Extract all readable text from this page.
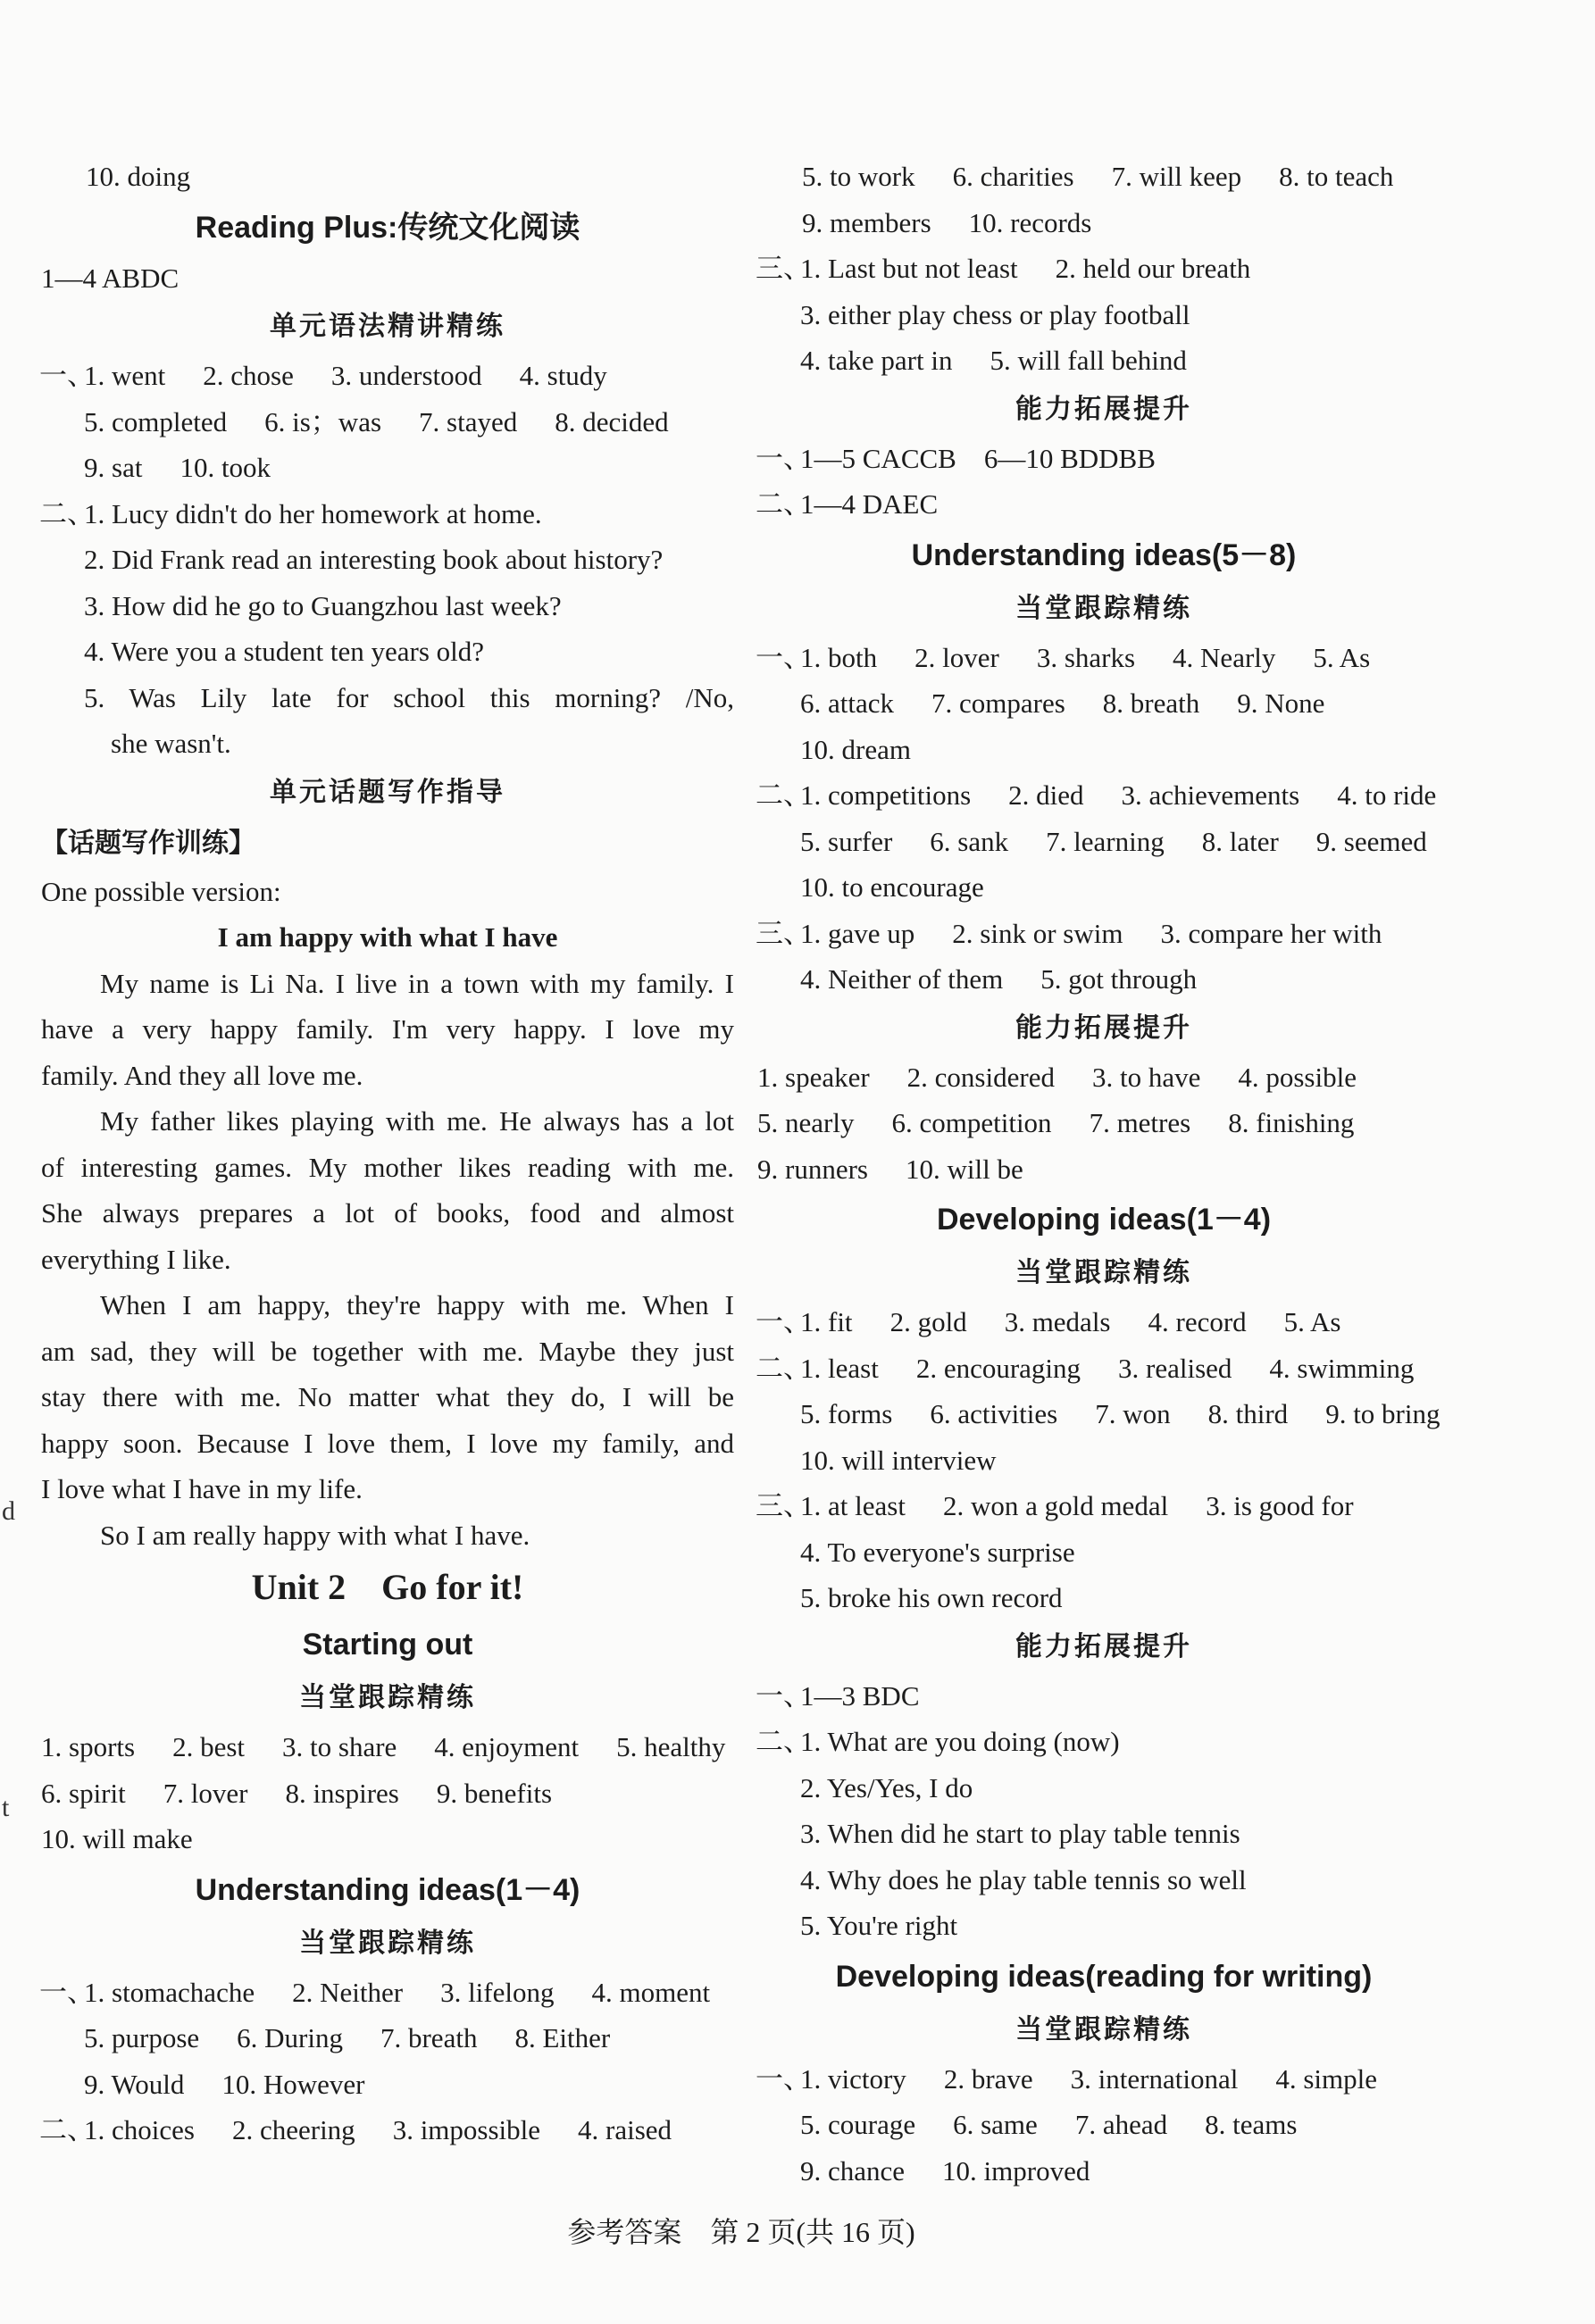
10. doing
Reading Plus:传统文化阅读
1—4 ABDC
单元语法精讲精练
一、1. went 2. chose 3. understood 4. study
5. completed 6. is；was 7. stayed 8. decided
9. sat 10. took
二、1. Lucy didn't do her homework at home.
2. Did Frank read an interesting book about history?
3. How did he go to Guangzhou last week?
4. Were you a student ten years old?
5. Was Lily late for school this morning? /No,
she wasn't.
单元话题写作指导
【话题写作训练】
One possible version:
I am happy with what I have
My name is Li Na. I live in a town with my family. I
have a very happy family. I'm very happy. I love my
family. And they all love me.
My father likes playing with me. He always has a lot
of interesting games. My mother likes reading with me.
She always prepares a lot of books, food and almost
everything I like.
When I am happy, they're happy with me. When I
am sad, they will be together with me. Maybe they just
stay there with me. No matter what they do, I will be
happy soon. Because I love them, I love my family, and
I love what I have in my life.
So I am really happy with what I have.
Unit 2　Go for it!
Starting out
当堂跟踪精练
1. sports 2. best 3. to share 4. enjoyment 5. healthy
6. spirit 7. lover 8. inspires 9. benefits
10. will make
Understanding ideas(1－4)
当堂跟踪精练
一、1. stomachache 2. Neither 3. lifelong 4. moment
5. purpose 6. During 7. breath 8. Either
9. Would 10. However
二、1. choices 2. cheering 3. impossible 4. raised
5. to work 6. charities 7. will keep 8. to teach
9. members 10. records
三、1. Last but not least 2. held our breath
3. either play chess or play football
4. take part in 5. will fall behind
能力拓展提升
一、1—5 CACCB　6—10 BDDBB
二、1—4 DAEC
Understanding ideas(5－8)
当堂跟踪精练
一、1. both 2. lover 3. sharks 4. Nearly 5. As
6. attack 7. compares 8. breath 9. None
10. dream
二、1. competitions 2. died 3. achievements 4. to ride
5. surfer 6. sank 7. learning 8. later 9. seemed
10. to encourage
三、1. gave up 2. sink or swim 3. compare her with
4. Neither of them 5. got through
能力拓展提升
1. speaker 2. considered 3. to have 4. possible
5. nearly 6. competition 7. metres 8. finishing
9. runners 10. will be
Developing ideas(1－4)
当堂跟踪精练
一、1. fit 2. gold 3. medals 4. record 5. As
二、1. least 2. encouraging 3. realised 4. swimming
5. forms 6. activities 7. won 8. third 9. to bring
10. will interview
三、1. at least 2. won a gold medal 3. is good for
4. To everyone's surprise
5. broke his own record
能力拓展提升
一、1—3 BDC
二、1. What are you doing (now)
2. Yes/Yes, I do
3. When did he start to play table tennis
4. Why does he play table tennis so well
5. You're right
Developing ideas(reading for writing)
当堂跟踪精练
一、1. victory 2. brave 3. international 4. simple
5. courage 6. same 7. ahead 8. teams
9. chance 10. improved
参考答案　第 2 页(共 16 页)
d
t
